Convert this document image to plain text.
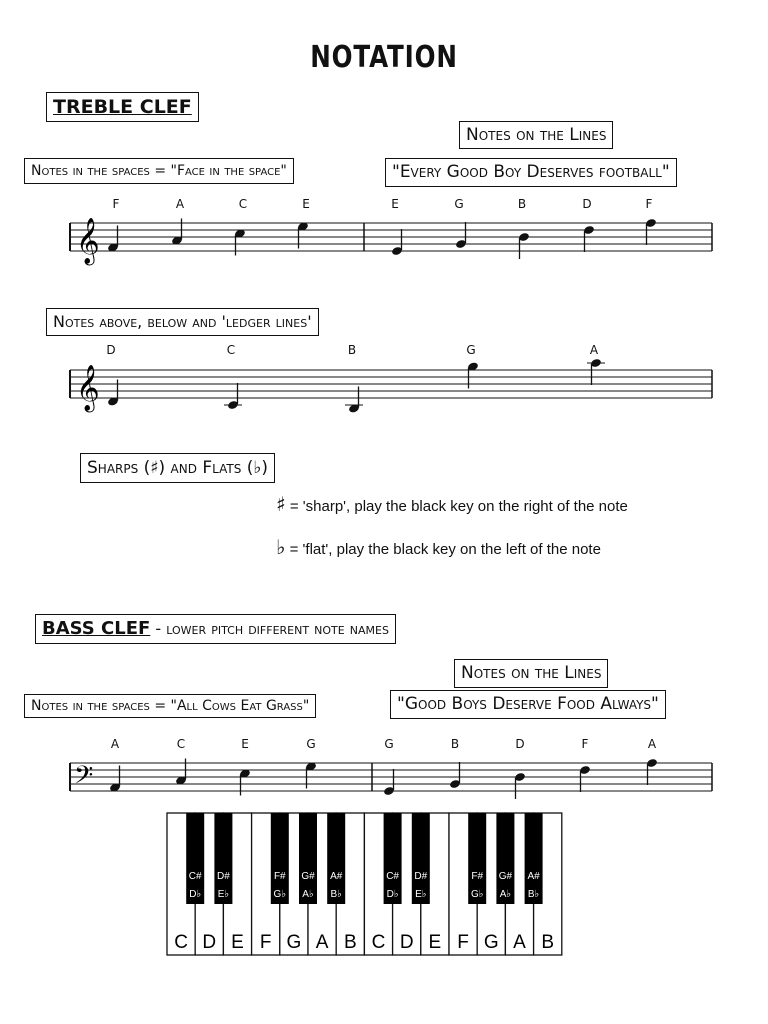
NOTATION
TREBLE CLEF
Notes on the Lines
Notes in the spaces = "Face in the space"	"Every Good Boy Deserves football"
𝄞
F	A	C	E	E	G	B	D	F
Notes above, below and 'ledger lines'
𝄞
D	C	B	G	A
Sharps (♯) and Flats (♭)
♯ = 'sharp', play the black key on the right of the note
♭ = 'flat', play the black key on the left of the note
BASS CLEF - lower pitch different note names
Notes on the Lines
Notes in the spaces = "All Cows Eat Grass"	"Good Boys Deserve Food Always"
𝄢
A	C	E	G	G	B	D	F	A
C D E F G A B C D E F G A B
C#
D♭
D#
E♭
F#
G♭
G#
A♭
A#
B♭
C#
D♭
D#
E♭
F#
G♭
G#
A♭
A#
B♭
